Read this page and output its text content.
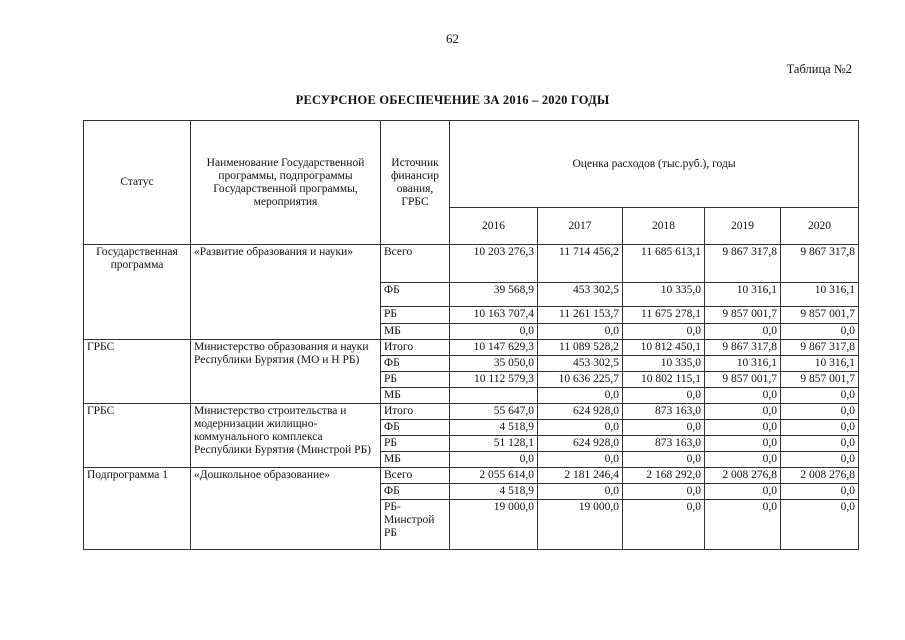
62
Таблица №2
РЕСУРСНОЕ ОБЕСПЕЧЕНИЕ ЗА 2016 – 2020 ГОДЫ
Статус	Наименование Государственной программы, подпрограммы Государственной программы, мероприятия	Источник финансир ования, ГРБС	Оценка расходов (тыс.руб.), годы				
			2016	2017	2018	2019	2020
Государственная программа	«Развитие образования и науки»	Всего	10 203 276,3	11 714 456,2	11 685 613,1	9 867 317,8	9 867 317,8
		ФБ	39 568,9	453 302,5	10 335,0	10 316,1	10 316,1
		РБ	10 163 707,4	11 261 153,7	11 675 278,1	9 857 001,7	9 857 001,7
		МБ	0,0	0,0	0,0	0,0	0,0
ГРБС	Министерство образования и науки Республики Бурятия (МО и Н РБ)	Итого	10 147 629,3	11 089 528,2	10 812 450,1	9 867 317,8	9 867 317,8
		ФБ	35 050,0	453 302,5	10 335,0	10 316,1	10 316,1
		РБ	10 112 579,3	10 636 225,7	10 802 115,1	9 857 001,7	9 857 001,7
		МБ		0,0	0,0	0,0	0,0
ГРБС	Министерство строительства и модернизации жилищно-коммунального комплекса Республики Бурятия (Минстрой РБ)	Итого	55 647,0	624 928,0	873 163,0	0,0	0,0
		ФБ	4 518,9	0,0	0,0	0,0	0,0
		РБ	51 128,1	624 928,0	873 163,0	0,0	0,0
		МБ	0,0	0,0	0,0	0,0	0,0
Подпрограмма 1	«Дошкольное образование»	Всего	2 055 614,0	2 181 246,4	2 168 292,0	2 008 276,8	2 008 276,8
		ФБ	4 518,9	0,0	0,0	0,0	0,0
		РБ-Минстрой РБ	19 000,0	19 000,0	0,0	0,0	0,0
